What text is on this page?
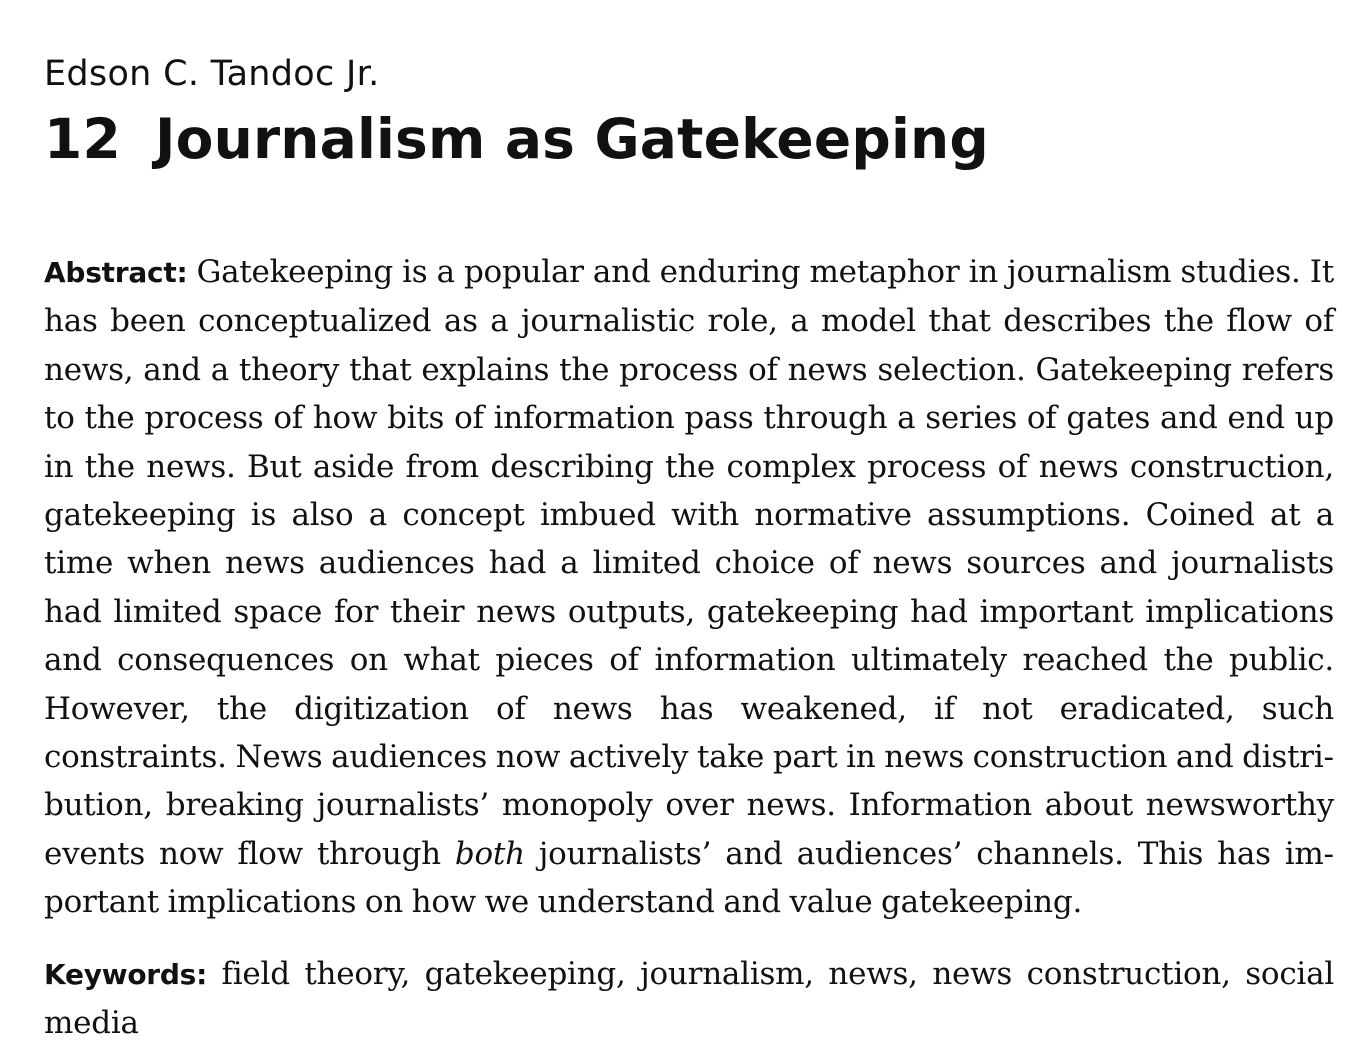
Edson C. Tandoc Jr.

12 Journalism as Gatekeeping

Abstract: Gatekeeping is a popular and enduring metaphor in journalism studies. It has been conceptualized as a journalistic role, a model that describes the flow of news, and a theory that explains the process of news selection. Gatekeeping refers to the process of how bits of information pass through a series of gates and end up in the news. But aside from describing the complex process of news construction, gatekeeping is also a concept imbued with normative assumptions. Coined at a time when news audiences had a limited choice of news sources and journalists had limited space for their news outputs, gatekeeping had important implications and consequences on what pieces of information ultimately reached the public. However, the digitization of news has weakened, if not eradicated, such constraints. News audiences now actively take part in news construction and distribution, breaking journalists’ monopoly over news. Information about newsworthy events now flow through both journalists’ and audiences’ channels. This has important implications on how we understand and value gatekeeping.

Keywords: field theory, gatekeeping, journalism, news, news construction, social media
